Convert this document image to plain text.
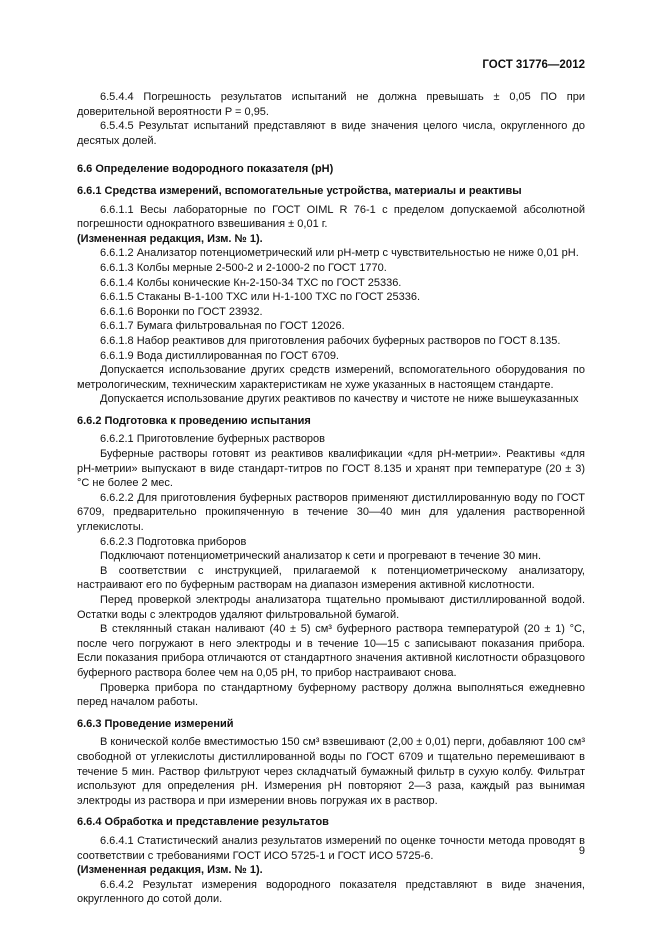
ГОСТ 31776—2012

6.5.4.4 Погрешность результатов испытаний не должна превышать ± 0,05 ПО при доверительной вероятности P = 0,95.

6.5.4.5 Результат испытаний представляют в виде значения целого числа, округленного до десятых долей.

6.6 Определение водородного показателя (рН)

6.6.1 Средства измерений, вспомогательные устройства, материалы и реактивы

6.6.1.1 Весы лабораторные по ГОСТ OIML R 76-1 с пределом допускаемой абсолютной погрешности однократного взвешивания ± 0,01 г.

(Измененная редакция, Изм. № 1).

6.6.1.2 Анализатор потенциометрический или рН-метр с чувствительностью не ниже 0,01 рН.

6.6.1.3 Колбы мерные 2-500-2 и 2-1000-2 по ГОСТ 1770.

6.6.1.4 Колбы конические Кн-2-150-34 ТХС по ГОСТ 25336.

6.6.1.5 Стаканы В-1-100 ТХС или Н-1-100 ТХС по ГОСТ 25336.

6.6.1.6 Воронки по ГОСТ 23932.

6.6.1.7 Бумага фильтровальная по ГОСТ 12026.

6.6.1.8 Набор реактивов для приготовления рабочих буферных растворов по ГОСТ 8.135.

6.6.1.9 Вода дистиллированная по ГОСТ 6709.

Допускается использование других средств измерений, вспомогательного оборудования по метрологическим, техническим характеристикам не хуже указанных в настоящем стандарте.

Допускается использование других реактивов по качеству и чистоте не ниже вышеуказанных

6.6.2 Подготовка к проведению испытания

6.6.2.1 Приготовление буферных растворов

Буферные растворы готовят из реактивов квалификации «для рН-метрии». Реактивы «для рН-метрии» выпускают в виде стандарт-титров по ГОСТ 8.135 и хранят при температуре (20 ± 3) °С не более 2 мес.

6.6.2.2 Для приготовления буферных растворов применяют дистиллированную воду по ГОСТ 6709, предварительно прокипяченную в течение 30—40 мин для удаления растворенной углекислоты.

6.6.2.3 Подготовка приборов

Подключают потенциометрический анализатор к сети и прогревают в течение 30 мин.

В соответствии с инструкцией, прилагаемой к потенциометрическому анализатору, настраивают его по буферным растворам на диапазон измерения активной кислотности.

Перед проверкой электроды анализатора тщательно промывают дистиллированной водой. Остатки воды с электродов удаляют фильтровальной бумагой.

В стеклянный стакан наливают (40 ± 5) см³ буферного раствора температурой (20 ± 1) °С, после чего погружают в него электроды и в течение 10—15 с записывают показания прибора. Если показания прибора отличаются от стандартного значения активной кислотности образцового буферного раствора более чем на 0,05 рН, то прибор настраивают снова.

Проверка прибора по стандартному буферному раствору должна выполняться ежедневно перед началом работы.

6.6.3 Проведение измерений

В конической колбе вместимостью 150 см³ взвешивают (2,00 ± 0,01) перги, добавляют 100 см³ свободной от углекислоты дистиллированной воды по ГОСТ 6709 и тщательно перемешивают в течение 5 мин. Раствор фильтруют через складчатый бумажный фильтр в сухую колбу. Фильтрат используют для определения рН. Измерения рН повторяют 2—3 раза, каждый раз вынимая электроды из раствора и при измерении вновь погружая их в раствор.

6.6.4 Обработка и представление результатов

6.6.4.1 Статистический анализ результатов измерений по оценке точности метода проводят в соответствии с требованиями ГОСТ ИСО 5725-1 и ГОСТ ИСО 5725-6.

(Измененная редакция, Изм. № 1).

6.6.4.2 Результат измерения водородного показателя представляют в виде значения, округленного до сотой доли.

9
